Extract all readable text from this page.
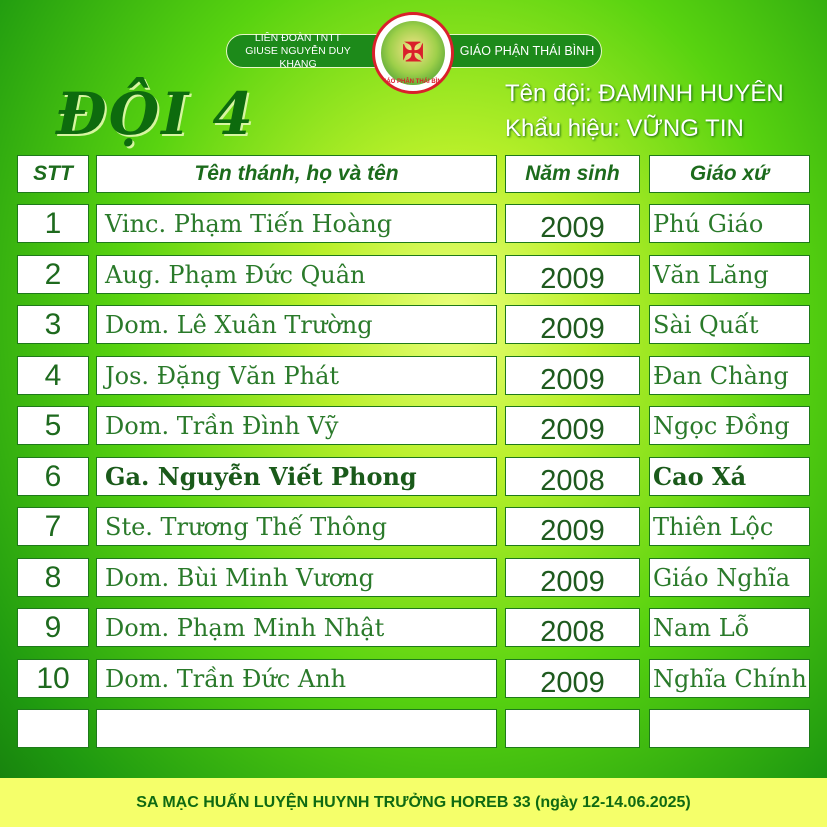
LIÊN ĐOÀN TNTT
GIUSE NGUYỄN DUY KHANG
GIÁO PHẬN THÁI BÌNH
✠
GIÁO PHẬN THÁI BÌNH
ĐỘI 4	Tên đội: ĐAMINH HUYÊN
Khẩu hiệu: VỮNG TIN
STT	Tên thánh, họ và tên	Năm sinh	Giáo xứ
1	Vinc. Phạm Tiến Hoàng	2009	Phú Giáo
2	Aug. Phạm Đức Quân	2009	Văn Lăng
3	Dom. Lê Xuân Trường	2009	Sài Quất
4	Jos. Đặng Văn Phát	2009	Đan Chàng
5	Dom. Trần Đình Vỹ	2009	Ngọc Đồng
6	Ga. Nguyễn Viết Phong	2008	Cao Xá
7	Ste. Trương Thế Thông	2009	Thiên Lộc
8	Dom. Bùi Minh Vương	2009	Giáo Nghĩa
9	Dom. Phạm Minh Nhật	2008	Nam Lỗ
10	Dom. Trần Đức Anh	2009	Nghĩa Chính
SA MẠC HUẤN LUYỆN HUYNH TRƯỞNG HOREB 33 (ngày 12-14.06.2025)
